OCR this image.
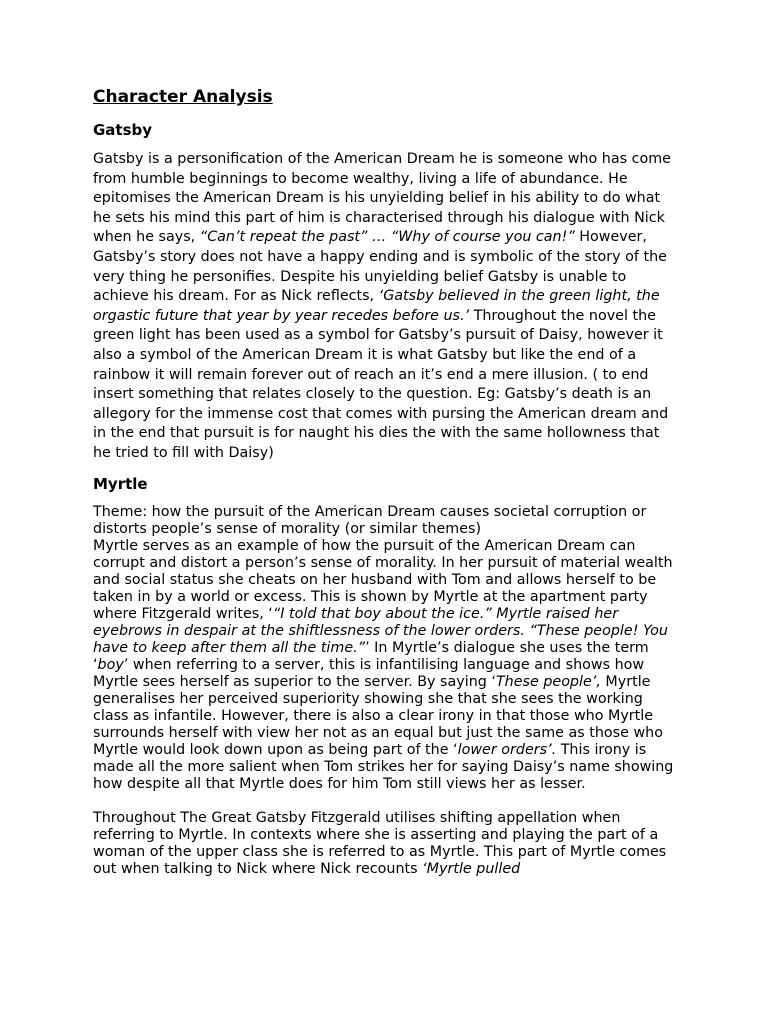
Character Analysis
Gatsby

Gatsby is a personification of the American Dream he is someone who has come from humble beginnings to become wealthy, living a life of abundance. He epitomises the American Dream is his unyielding belief in his ability to do what he sets his mind this part of him is characterised through his dialogue with Nick when he says, “Can’t repeat the past” … “Why of course you can!” However, Gatsby’s story does not have a happy ending and is symbolic of the story of the very thing he personifies. Despite his unyielding belief Gatsby is unable to achieve his dream. For as Nick reflects, ‘Gatsby believed in the green light, the orgastic future that year by year recedes before us.’ Throughout the novel the green light has been used as a symbol for Gatsby’s pursuit of Daisy, however it also a symbol of the American Dream it is what Gatsby but like the end of a rainbow it will remain forever out of reach an it’s end a mere illusion. ( to end insert something that relates closely to the question. Eg: Gatsby’s death is an allegory for the immense cost that comes with pursing the American dream and in the end that pursuit is for naught his dies the with the same hollowness that he tried to fill with Daisy)

Myrtle

Theme: how the pursuit of the American Dream causes societal corruption or distorts people’s sense of morality (or similar themes)

Myrtle serves as an example of how the pursuit of the American Dream can corrupt and distort a person’s sense of morality. In her pursuit of material wealth and social status she cheats on her husband with Tom and allows herself to be taken in by a world or excess. This is shown by Myrtle at the apartment party where Fitzgerald writes, ‘“I told that boy about the ice.” Myrtle raised her eyebrows in despair at the shiftlessness of the lower orders. “These people! You have to keep after them all the time.”’ In Myrtle’s dialogue she uses the term ‘boy’ when referring to a server, this is infantilising language and shows how Myrtle sees herself as superior to the server. By saying ‘These people’, Myrtle generalises her perceived superiority showing she that she sees the working class as infantile. However, there is also a clear irony in that those who Myrtle surrounds herself with view her not as an equal but just the same as those who Myrtle would look down upon as being part of the ‘lower orders’. This irony is made all the more salient when Tom strikes her for saying Daisy’s name showing how despite all that Myrtle does for him Tom still views her as lesser.

Throughout The Great Gatsby Fitzgerald utilises shifting appellation when referring to Myrtle. In contexts where she is asserting and playing the part of a woman of the upper class she is referred to as Myrtle. This part of Myrtle comes out when talking to Nick where Nick recounts ‘Myrtle pulled
